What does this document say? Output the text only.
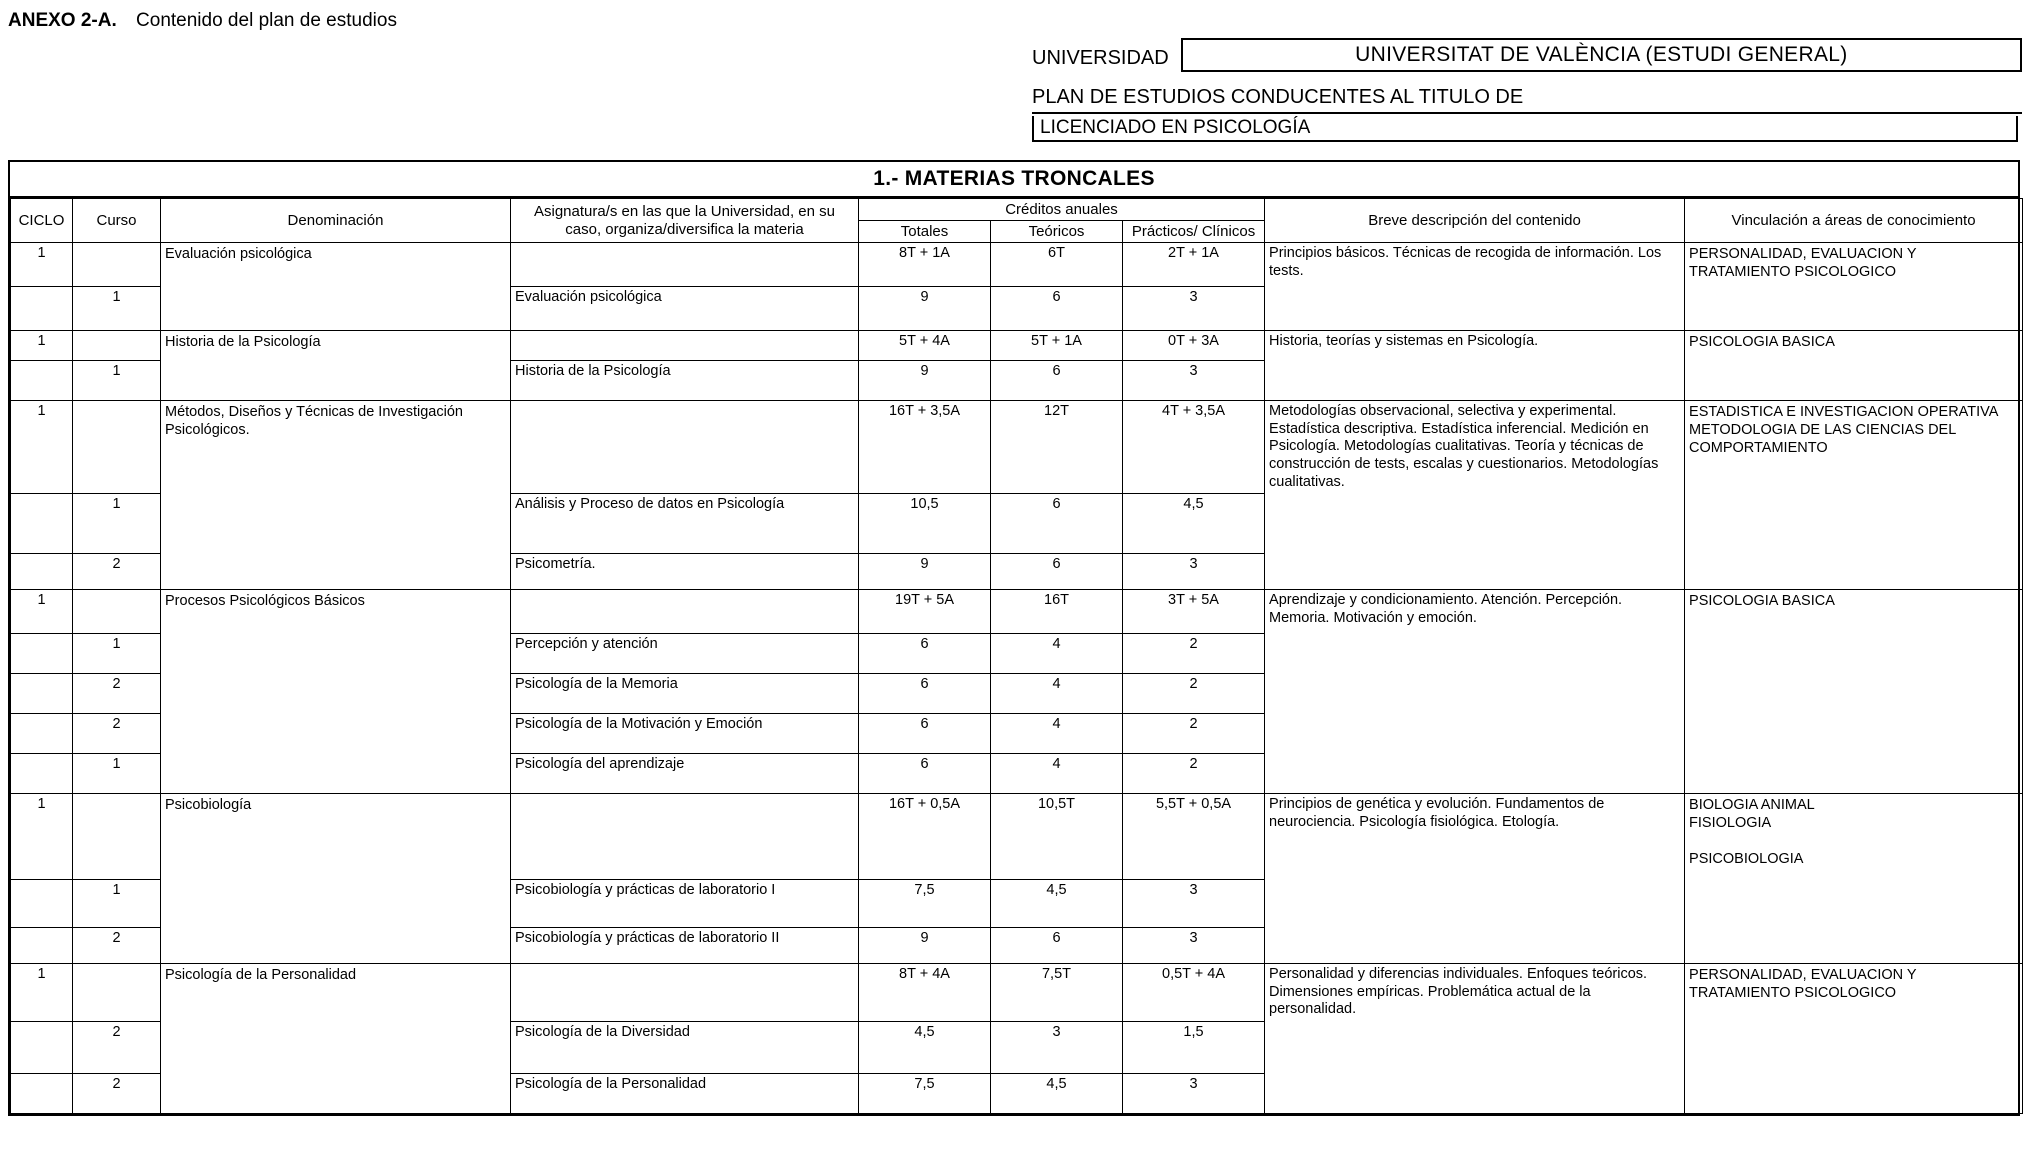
ANEXO 2-A. Contenido del plan de estudios
UNIVERSIDAD	UNIVERSITAT DE VALÈNCIA (ESTUDI GENERAL)
PLAN DE ESTUDIOS CONDUCENTES AL TITULO DE
LICENCIADO EN PSICOLOGÍA
1.- MATERIAS TRONCALES
CICLO	Curso	Denominación	Asignatura/s en las que la Universidad, en su caso, organiza/diversifica la materia	Créditos anuales			Breve descripción del contenido	Vinculación a áreas de conocimiento
				Totales	Teóricos	Prácticos/ Clínicos		
1		Evaluación psicológica		8T + 1A	6T	2T + 1A	Principios básicos. Técnicas de recogida de información. Los tests.	PERSONALIDAD, EVALUACION Y TRATAMIENTO PSICOLOGICO
	1		Evaluación psicológica	9	6	3		
1		Historia de la Psicología		5T + 4A	5T + 1A	0T + 3A	Historia, teorías y sistemas en Psicología.	PSICOLOGIA BASICA
	1		Historia de la Psicología	9	6	3		
1		Métodos, Diseños y Técnicas de Investigación Psicológicos.		16T + 3,5A	12T	4T + 3,5A	Metodologías observacional, selectiva y experimental. Estadística descriptiva. Estadística inferencial. Medición en Psicología. Metodologías cualitativas. Teoría y técnicas de construcción de tests, escalas y cuestionarios. Metodologías cualitativas.	ESTADISTICA E INVESTIGACION OPERATIVA
METODOLOGIA DE LAS CIENCIAS DEL COMPORTAMIENTO
	1		Análisis y Proceso de datos en Psicología	10,5	6	4,5		
	2		Psicometría.	9	6	3		
1		Procesos Psicológicos Básicos		19T + 5A	16T	3T + 5A	Aprendizaje y condicionamiento. Atención. Percepción. Memoria. Motivación y emoción.	PSICOLOGIA BASICA
	1		Percepción y atención	6	4	2		
	2		Psicología de la Memoria	6	4	2		
	2		Psicología de la Motivación y Emoción	6	4	2		
	1		Psicología del aprendizaje	6	4	2		
1		Psicobiología		16T + 0,5A	10,5T	5,5T + 0,5A	Principios de genética y evolución. Fundamentos de neurociencia. Psicología fisiológica. Etología.	BIOLOGIA ANIMAL
FISIOLOGIA

PSICOBIOLOGIA
	1		Psicobiología y prácticas de laboratorio I	7,5	4,5	3		
	2		Psicobiología y prácticas de laboratorio II	9	6	3		
1		Psicología de la Personalidad		8T + 4A	7,5T	0,5T + 4A	Personalidad y diferencias individuales. Enfoques teóricos. Dimensiones empíricas. Problemática actual de la personalidad.	PERSONALIDAD, EVALUACION Y TRATAMIENTO PSICOLOGICO
	2		Psicología de la Diversidad	4,5	3	1,5		
	2		Psicología de la Personalidad	7,5	4,5	3		
